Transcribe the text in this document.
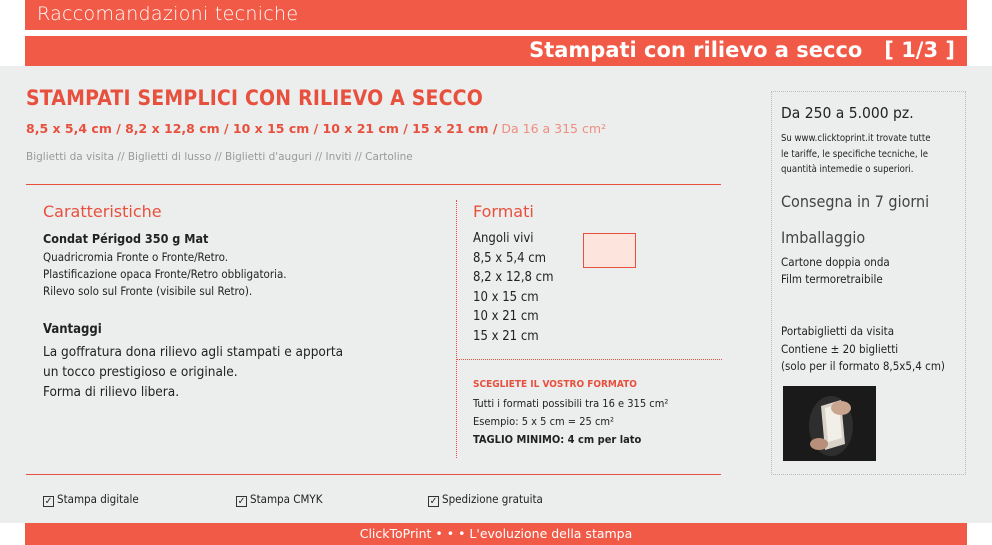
Raccomandazioni tecniche
Stampati con rilievo a secco   [ 1/3 ]
STAMPATI SEMPLICI CON RILIEVO A SECCO
8,5 x 5,4 cm / 8,2 x 12,8 cm / 10 x 15 cm / 10 x 21 cm / 15 x 21 cm / Da 16 a 315 cm²
Biglietti da visita // Biglietti di lusso // Biglietti d'auguri // Inviti // Cartoline
Caratteristiche
Condat Périgod 350 g Mat
Quadricromia Fronte o Fronte/Retro.
Plastificazione opaca Fronte/Retro obbligatoria.
Rilevo solo sul Fronte (visibile sul Retro).
Vantaggi
La goffratura dona rilievo agli stampati e apporta
un tocco prestigioso e originale.
Forma di rilievo libera.
Formati
Angoli vivi
8,5 x 5,4 cm
8,2 x 12,8 cm
10 x 15 cm
10 x 21 cm
15 x 21 cm
SCEGLIETE IL VOSTRO FORMATO
Tutti i formati possibili tra 16 e 315 cm²
Esempio: 5 x 5 cm = 25 cm²
TAGLIO MINIMO: 4 cm per lato
Da 250 a 5.000 pz.
Su www.clicktoprint.it trovate tutte
le tariffe, le specifiche tecniche, le
quantità intemedie o superiori.
Consegna in 7 giorni
Imballaggio
Cartone doppia onda
Film termoretraibile
Portabiglietti da visita
Contiene ± 20 biglietti
(solo per il formato 8,5x5,4 cm)
✓ Stampa digitale	✓ Stampa CMYK	✓ Spedizione gratuita
ClickToPrint • • • L'evoluzione della stampa
